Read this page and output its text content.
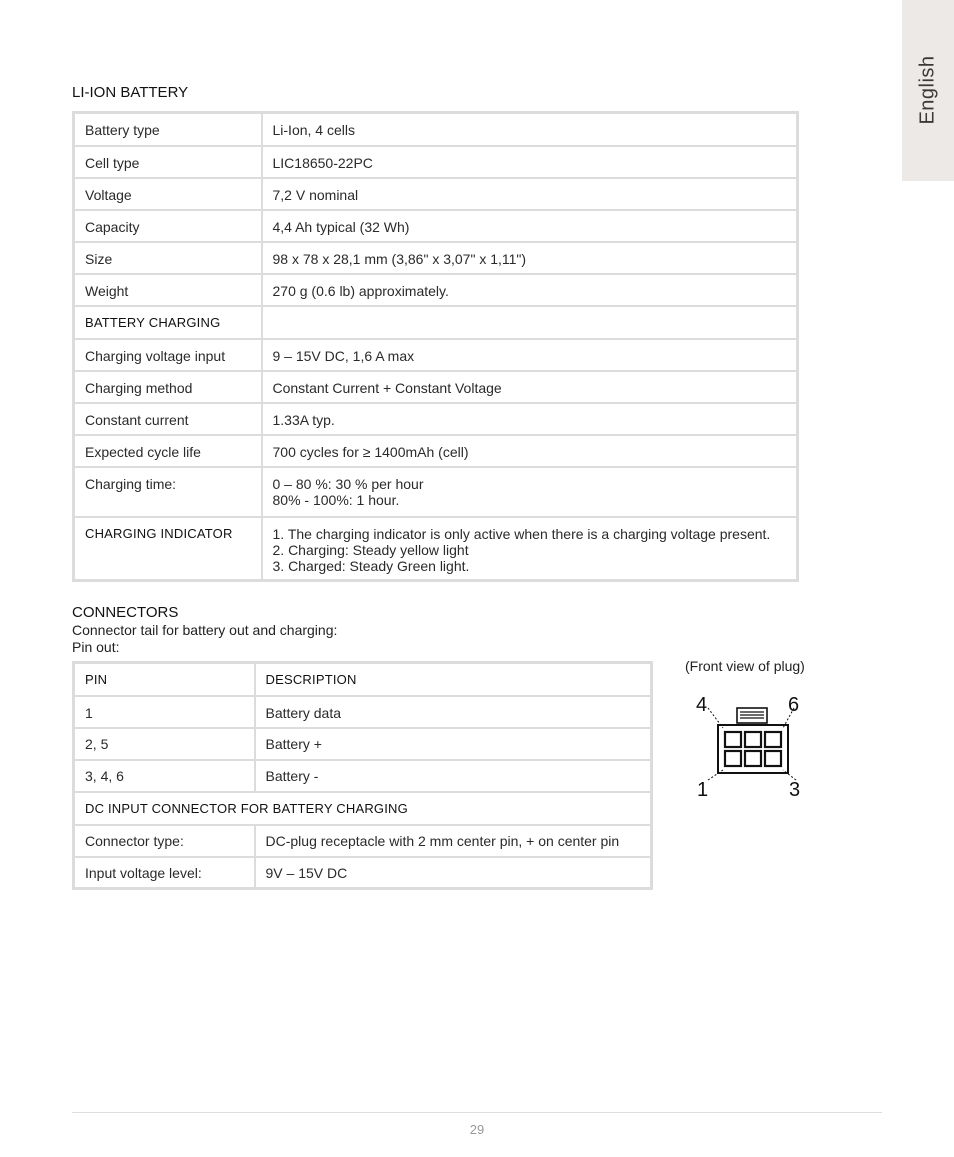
English
LI-ION BATTERY
Battery type	Li-Ion, 4 cells

Cell type	LIC18650-22PC

Voltage	7,2 V nominal

Capacity	4,4 Ah typical (32 Wh)

Size	98 x 78 x 28,1 mm (3,86" x 3,07" x 1,11")

Weight	270 g (0.6 lb) approximately.

BATTERY CHARGING	

Charging voltage input	9 – 15V DC, 1,6 A max

Charging method	Constant Current + Constant Voltage

Constant current	1.33A typ.

Expected cycle life	700 cycles for ≥ 1400mAh (cell)

Charging time:	0 – 80 %: 30 % per hour
80% - 100%: 1 hour.

CHARGING INDICATOR	1. The charging indicator is only active when there is a charging voltage present.
2. Charging: Steady yellow light
3. Charged: Steady Green light.
CONNECTORS
Connector tail for battery out and charging:
Pin out:
PIN	DESCRIPTION
1	Battery data
2, 5	Battery +
3, 4, 6	Battery -
DC INPUT CONNECTOR FOR BATTERY CHARGING	
Connector type:	DC-plug receptacle with 2 mm center pin, + on center pin
Input voltage level:	9V – 15V DC
(Front view of plug)
4	6
1	3
29
